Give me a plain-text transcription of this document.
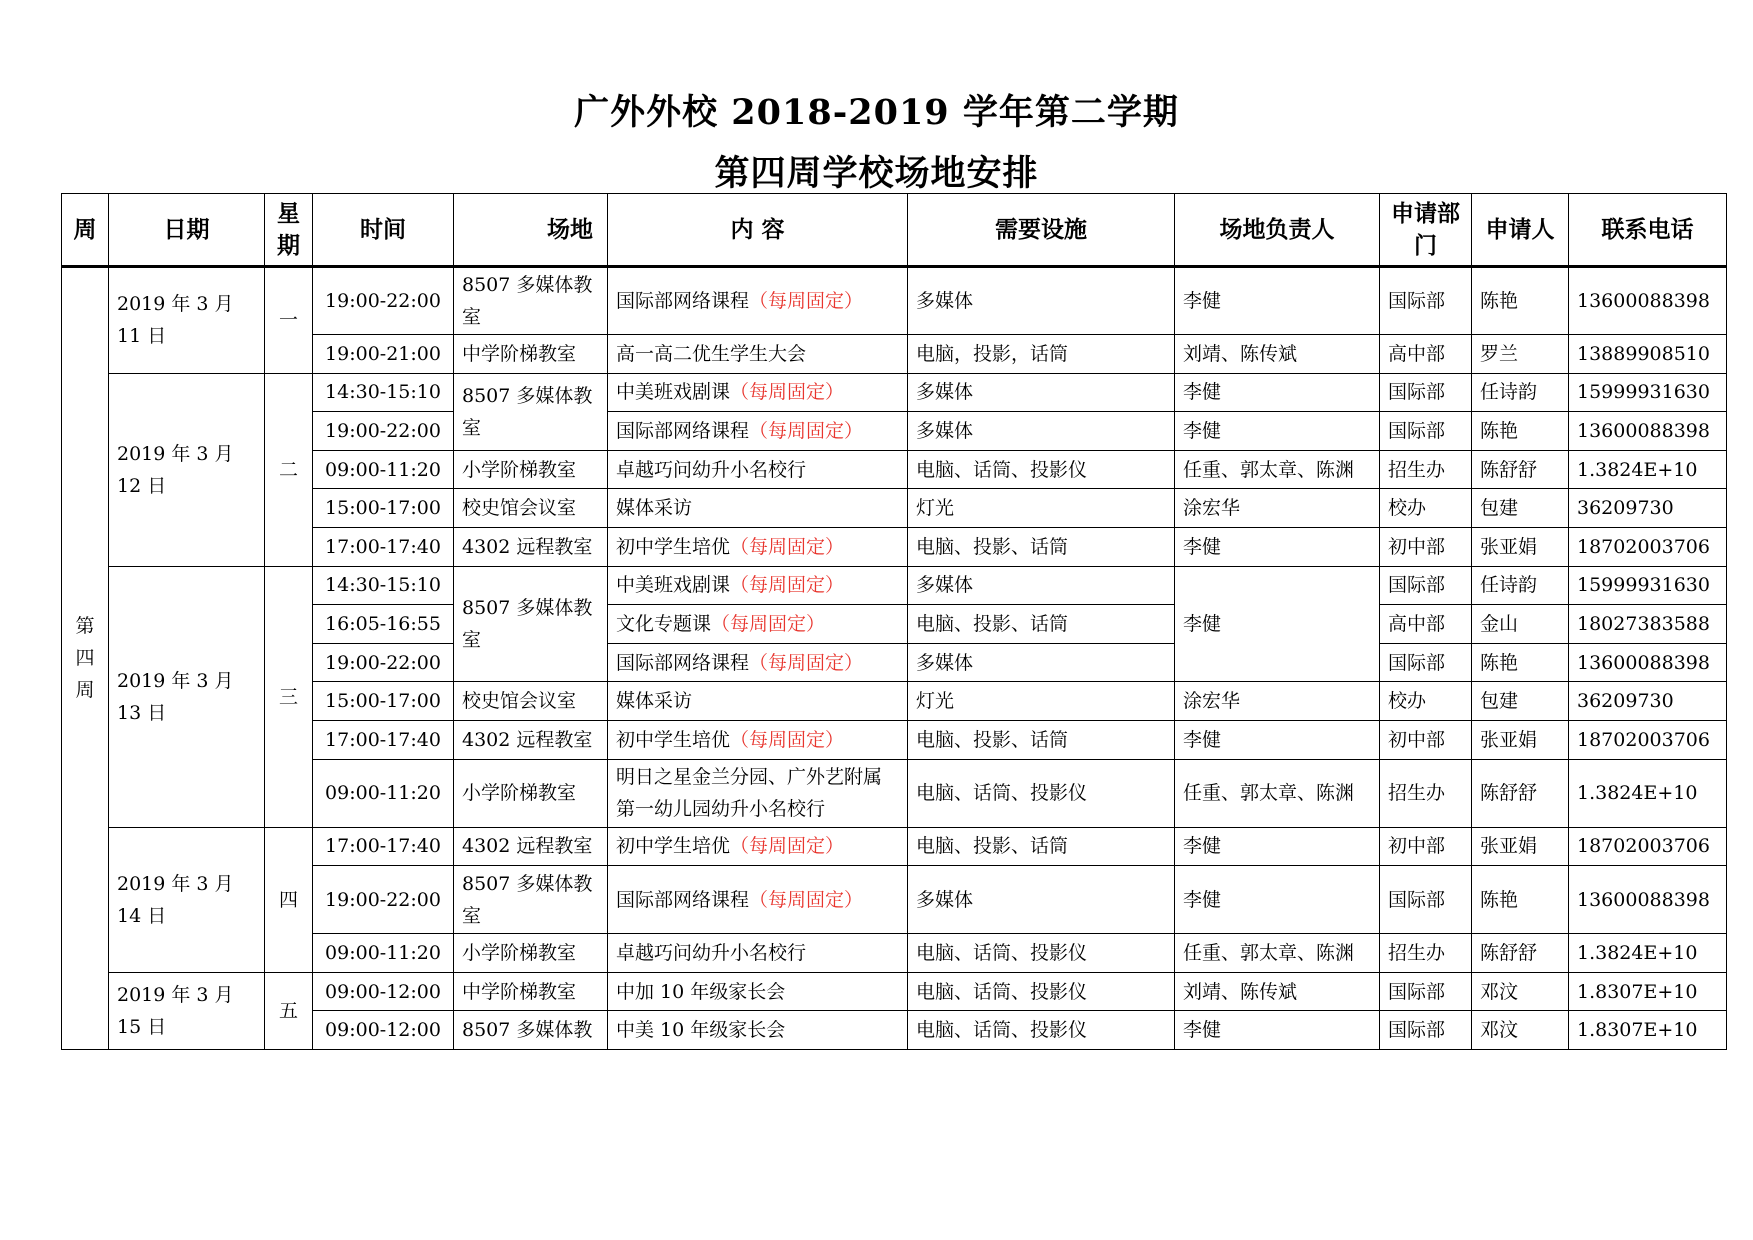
广外外校 2018-2019 学年第二学期
第四周学校场地安排
周	日期	星期	时间	场地	内 容	需要设施	场地负责人	申请部门	申请人	联系电话

第
四
周	2019 年 3 月 11 日	一	19:00-22:00	8507 多媒体教室	国际部网络课程（每周固定）	多媒体	李健	国际部	陈艳	13600088398
			19:00-21:00	中学阶梯教室	高一高二优生学生大会	电脑，投影，话筒	刘靖、陈传斌	高中部	罗兰	13889908510
	2019 年 3 月 12 日	二	14:30-15:10	8507 多媒体教室	中美班戏剧课（每周固定）	多媒体	李健	国际部	任诗韵	15999931630
			19:00-22:00		国际部网络课程（每周固定）	多媒体	李健	国际部	陈艳	13600088398
			09:00-11:20	小学阶梯教室	卓越巧问幼升小名校行	电脑、话筒、投影仪	任重、郭太章、陈渊	招生办	陈舒舒	1.3824E+10
			15:00-17:00	校史馆会议室	媒体采访	灯光	涂宏华	校办	包建	36209730
			17:00-17:40	4302 远程教室	初中学生培优（每周固定）	电脑、投影、话筒	李健	初中部	张亚娟	18702003706
	2019 年 3 月 13 日	三	14:30-15:10	8507 多媒体教室	中美班戏剧课（每周固定）	多媒体	李健	国际部	任诗韵	15999931630
			16:05-16:55		文化专题课（每周固定）	电脑、投影、话筒		高中部	金山	18027383588
			19:00-22:00		国际部网络课程（每周固定）	多媒体		国际部	陈艳	13600088398
			15:00-17:00	校史馆会议室	媒体采访	灯光	涂宏华	校办	包建	36209730
			17:00-17:40	4302 远程教室	初中学生培优（每周固定）	电脑、投影、话筒	李健	初中部	张亚娟	18702003706
			09:00-11:20	小学阶梯教室	明日之星金兰分园、广外艺附属第一幼儿园幼升小名校行	电脑、话筒、投影仪	任重、郭太章、陈渊	招生办	陈舒舒	1.3824E+10
	2019 年 3 月 14 日	四	17:00-17:40	4302 远程教室	初中学生培优（每周固定）	电脑、投影、话筒	李健	初中部	张亚娟	18702003706
			19:00-22:00	8507 多媒体教室	国际部网络课程（每周固定）	多媒体	李健	国际部	陈艳	13600088398
			09:00-11:20	小学阶梯教室	卓越巧问幼升小名校行	电脑、话筒、投影仪	任重、郭太章、陈渊	招生办	陈舒舒	1.3824E+10
	2019 年 3 月 15 日	五	09:00-12:00	中学阶梯教室	中加 10 年级家长会	电脑、话筒、投影仪	刘靖、陈传斌	国际部	邓汶	1.8307E+10
			09:00-12:00	8507 多媒体教	中美 10 年级家长会	电脑、话筒、投影仪	李健	国际部	邓汶	1.8307E+10
